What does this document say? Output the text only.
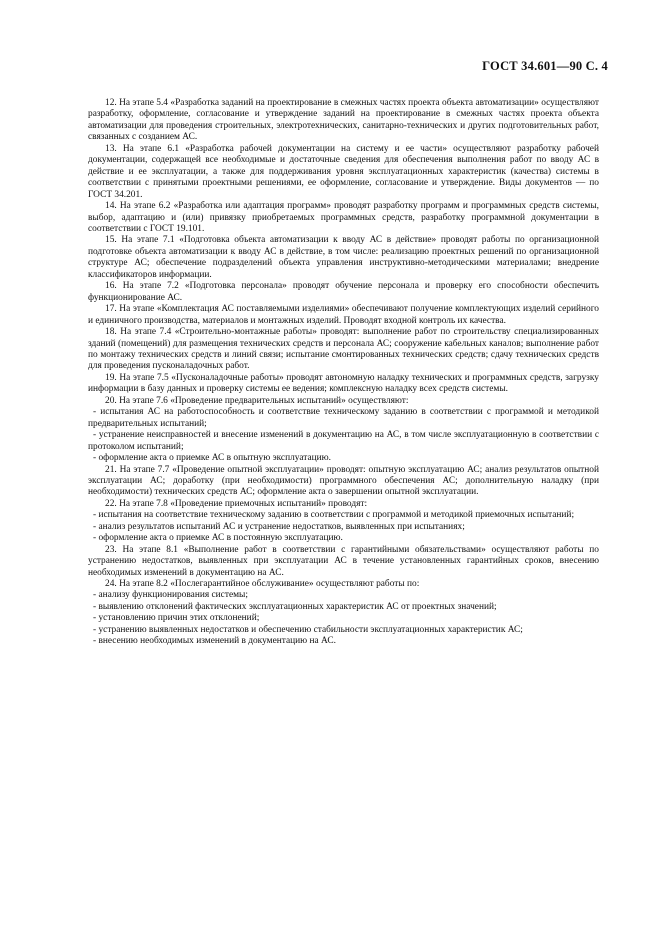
ГОСТ 34.601—90 С. 4

12. На этапе 5.4 «Разработка заданий на проектирование в смежных частях проекта объекта автоматизации» осуществляют разработку, оформление, согласование и утверждение заданий на проектирование в смежных частях проекта объекта автоматизации для проведения строительных, электротехнических, санитарно-технических и других подготовительных работ, связанных с созданием АС.

13. На этапе 6.1 «Разработка рабочей документации на систему и ее части» осуществляют разработку рабочей документации, содержащей все необходимые и достаточные сведения для обеспечения выполнения работ по вводу АС в действие и ее эксплуатации, а также для поддерживания уровня эксплуатационных характеристик (качества) системы в соответствии с принятыми проектными решениями, ее оформление, согласование и утверждение. Виды документов — по ГОСТ 34.201.

14. На этапе 6.2 «Разработка или адаптация программ» проводят разработку программ и программных средств системы, выбор, адаптацию и (или) привязку приобретаемых программных средств, разработку программной документации в соответствии с ГОСТ 19.101.

15. На этапе 7.1 «Подготовка объекта автоматизации к вводу АС в действие» проводят работы по организационной подготовке объекта автоматизации к вводу АС в действие, в том числе: реализацию проектных решений по организационной структуре АС; обеспечение подразделений объекта управления инструктивно-методическими материалами; внедрение классификаторов информации.

16. На этапе 7.2 «Подготовка персонала» проводят обучение персонала и проверку его способности обеспечить функционирование АС.

17. На этапе «Комплектация АС поставляемыми изделиями» обеспечивают получение комплектующих изделий серийного и единичного производства, материалов и монтажных изделий. Проводят входной контроль их качества.

18. На этапе 7.4 «Строительно-монтажные работы» проводят: выполнение работ по строительству специализированных зданий (помещений) для размещения технических средств и персонала АС; сооружение кабельных каналов; выполнение работ по монтажу технических средств и линий связи; испытание смонтированных технических средств; сдачу технических средств для проведения пусконаладочных работ.

19. На этапе 7.5 «Пусконаладочные работы» проводят автономную наладку технических и программных средств, загрузку информации в базу данных и проверку системы ее ведения; комплексную наладку всех средств системы.

20. На этапе 7.6 «Проведение предварительных испытаний» осуществляют:

- испытания АС на работоспособность и соответствие техническому заданию в соответствии с программой и методикой предварительных испытаний;

- устранение неисправностей и внесение изменений в документацию на АС, в том числе эксплуатационную в соответствии с протоколом испытаний;

- оформление акта о приемке АС в опытную эксплуатацию.

21. На этапе 7.7 «Проведение опытной эксплуатации» проводят: опытную эксплуатацию АС; анализ результатов опытной эксплуатации АС; доработку (при необходимости) программного обеспечения АС; дополнительную наладку (при необходимости) технических средств АС; оформление акта о завершении опытной эксплуатации.

22. На этапе 7.8 «Проведение приемочных испытаний» проводят:

- испытания на соответствие техническому заданию в соответствии с программой и методикой приемочных испытаний;

- анализ результатов испытаний АС и устранение недостатков, выявленных при испытаниях;

- оформление акта о приемке АС в постоянную эксплуатацию.

23. На этапе 8.1 «Выполнение работ в соответствии с гарантийными обязательствами» осуществляют работы по устранению недостатков, выявленных при эксплуатации АС в течение установленных гарантийных сроков, внесению необходимых изменений в документацию на АС.

24. На этапе 8.2 «Послегарантийное обслуживание» осуществляют работы по:

- анализу функционирования системы;

- выявлению отклонений фактических эксплуатационных характеристик АС от проектных значений;

- установлению причин этих отклонений;

- устранению выявленных недостатков и обеспечению стабильности эксплуатационных характеристик АС;

- внесению необходимых изменений в документацию на АС.
